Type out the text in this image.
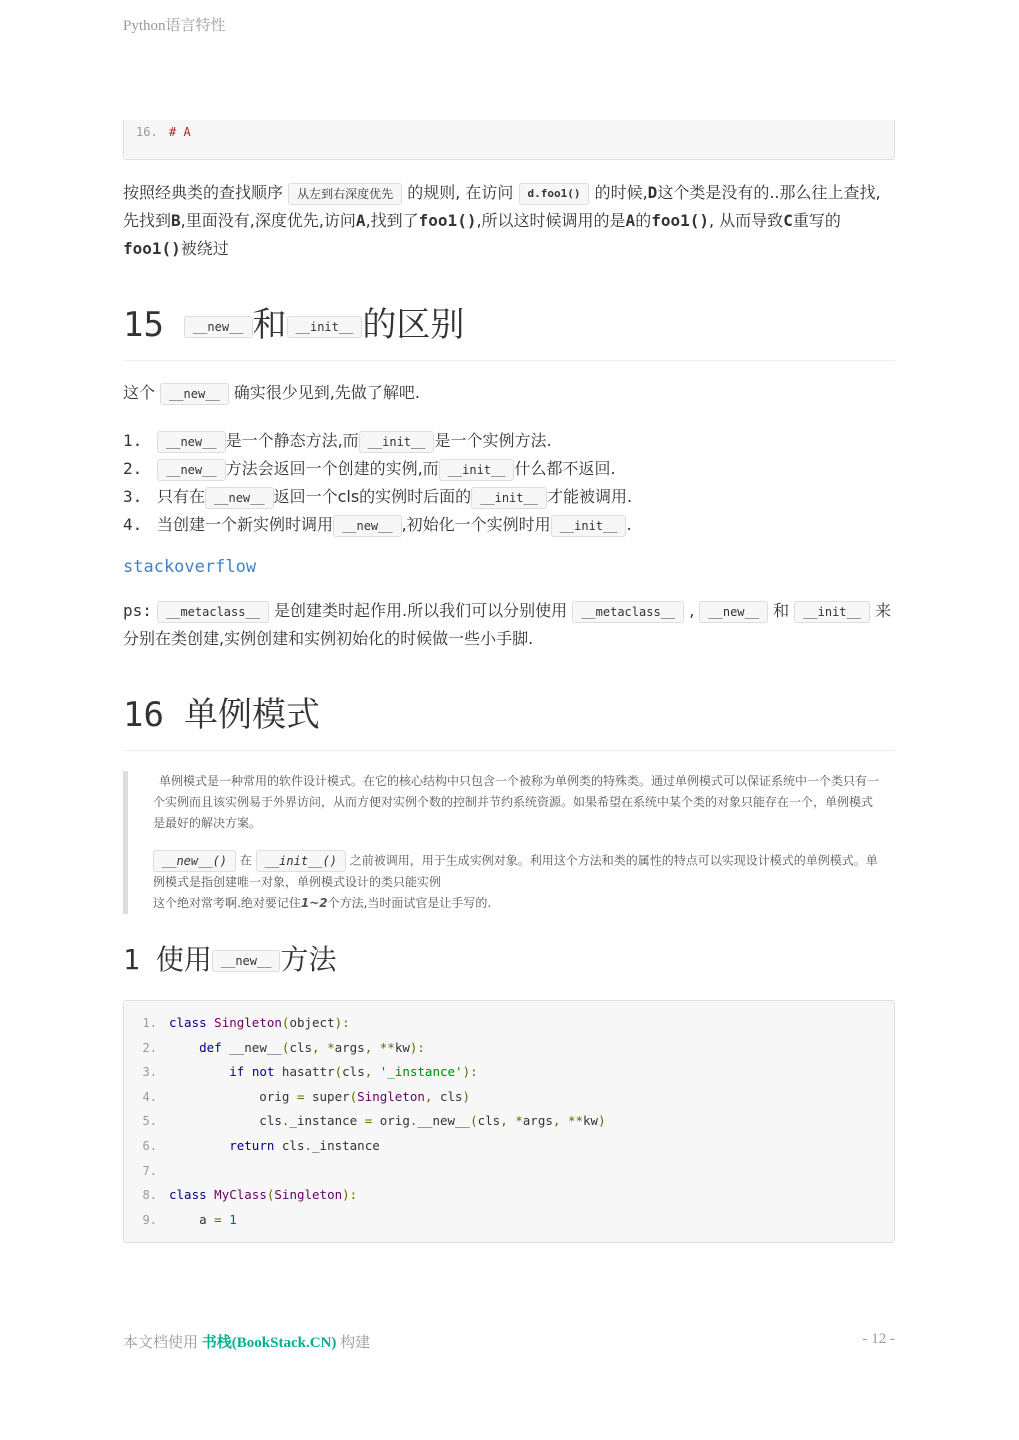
Python语言特性
16. # A

按照经典类的查找顺序 从左到右深度优先 的规则, 在访问 d.foo1() 的时候,D这个类是没有的..那么往上查找,先找到B,里面没有,深度优先,访问A,找到了foo1(),所以这时候调用的是A的foo1(), 从而导致C重写的foo1()被绕过

15 __new__ 和 __init__ 的区别

这个 __new__ 确实很少见到,先做了解吧.

1. __new__ 是一个静态方法,而 __init__ 是一个实例方法.
2. __new__ 方法会返回一个创建的实例,而 __init__ 什么都不返回.
3. 只有在 __new__ 返回一个cls的实例时后面的 __init__ 才能被调用.
4. 当创建一个新实例时调用 __new__ ,初始化一个实例时用 __init__ .
stackoverflow

ps: __metaclass__ 是创建类时起作用.所以我们可以分别使用 __metaclass__ , __new__ 和 __init__ 来分别在类创建,实例创建和实例初始化的时候做一些小手脚.

16 单例模式
单例模式是一种常用的软件设计模式。在它的核心结构中只包含一个被称为单例类的特殊类。通过单例模式可以保证系统中一个类只有一个实例而且该实例易于外界访问，从而方便对实例个数的控制并节约系统资源。如果希望在系统中某个类的对象只能存在一个，单例模式是最好的解决方案。
__new__() 在 __init__() 之前被调用，用于生成实例对象。利用这个方法和类的属性的特点可以实现设计模式的单例模式。单例模式是指创建唯一对象，单例模式设计的类只能实例
这个绝对常考啊.绝对要记住1~2个方法,当时面试官是让手写的.
1 使用 __new__ 方法
1. class Singleton(object):
2.	def __new__(cls, *args, **kw):
3.	if not hasattr(cls, '_instance'):
4.            orig = super(Singleton, cls)
5.            cls._instance = orig.__new__(cls, *args, **kw)
6.	return cls._instance
7.
8. class MyClass(Singleton):
9.    a = 1
本文档使用 书栈(BookStack.CN) 构建	- 12 -
